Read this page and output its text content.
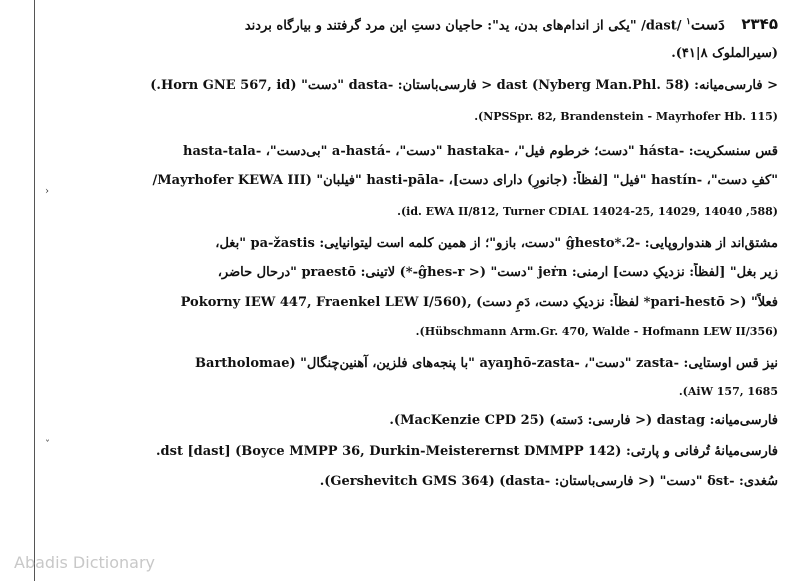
›
ˇ
۲۳۴۵ دَست$^۱$ /dast/ "یکی از اندام‌های بدن، ید": حاجیان دستِ این مرد گرفتند و بیارگاه بردند
(سیرالملوک ۸|۴۱).
< فارسی‌میانه: dast (Nyberg Man.Phl. 58) < فارسی‌باستان: -dasta "دست" (Horn GNE 567, id.)
(NPSSpr. 82, Brandenstein - Mayrhofer Hb. 115).
قس سنسکریت: -hásta "دست؛ خرطوم فیل"، -hastaka "دست"، -a-hastá "بی‌دست"، -hasta-tala
"کفِ دست"، -hastín "فیل" [لفظاً: (جانورِ) دارای دست]، -hasti-pāla "فیلبان" (Mayrhofer KEWA III/
(588, id. EWA II/812, Turner CDIAL 14024-25, 14029, 14040).
مشتق‌اند از هندواروپایی: -ĝhesto*.2 "دست، بازو"؛ از همین کلمه است لیتوانیایی: pa-žastis "بغل،
زیر بغل" [لفظاً: نزدیکِ دست] ارمنی: jeṙn "دست" (< ĝhes-r-*) لاتینی: praestō "درحال حاضر،
فعلاً" (< pari-hestō* لفظاً: نزدیکِ دست، دَمِ دست) ,(Pokorny IEW 447, Fraenkel LEW I/560
(Hübschmann Arm.Gr. 470, Walde - Hofmann LEW II/356).
نیز قس اوستایی: -zasta "دست"، -ayaŋhō-zasta "با پنجه‌های فلزین، آهنین‌چنگال" (Bartholomae
AiW 157, 1685).
فارسی‌میانه: dastag (< فارسی: دَسته) (MacKenzie CPD 25).
فارسی‌میانۀ تُرفانی و پارتی: dst [dast] (Boyce MMPP 36, Durkin-Meisterernst DMMPP 142).
سُغدی: -δst "دست" (< فارسی‌باستان: -dasta) (Gershevitch GMS 364).
Abadis Dictionary
